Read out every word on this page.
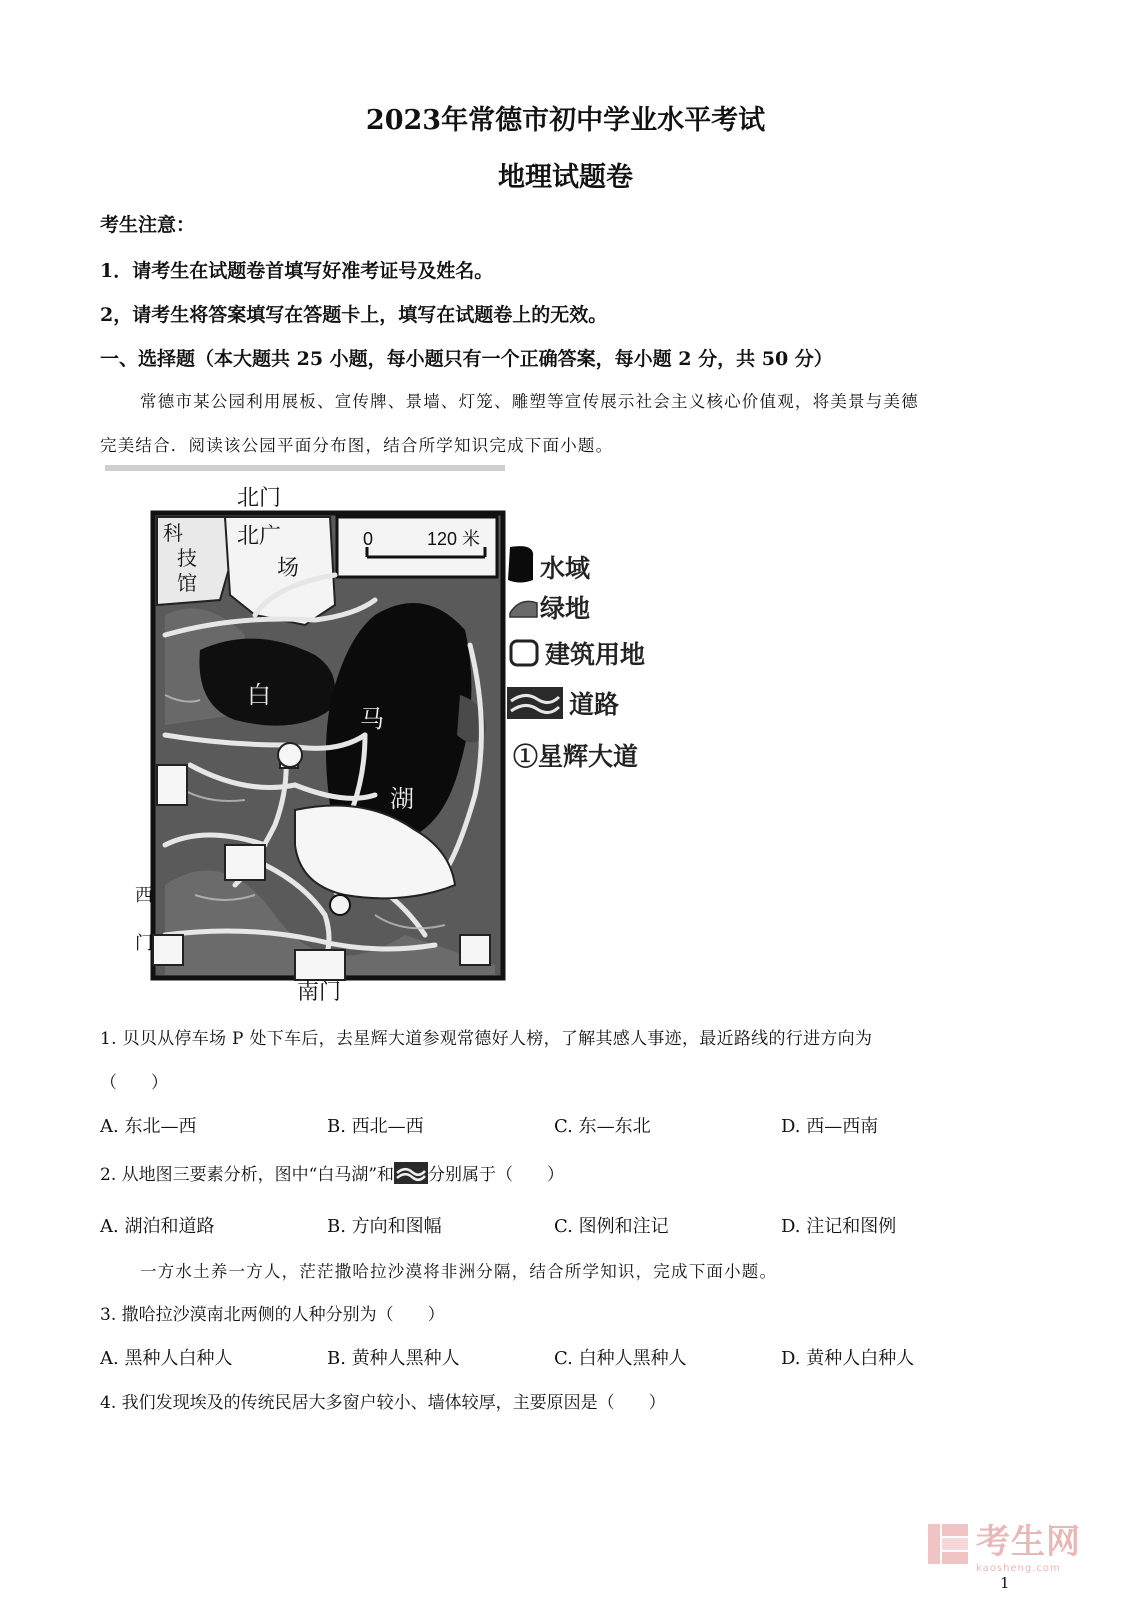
2023年常德市初中学业水平考试
地理试题卷
考生注意：
1．请考生在试题卷首填写好准考证号及姓名。
2，请考生将答案填写在答题卡上，填写在试题卷上的无效。
一、选择题（本大题共 25 小题，每小题只有一个正确答案，每小题 2 分，共 50 分）
常德市某公园利用展板、宣传牌、景墙、灯笼、雕塑等宣传展示社会主义核心价值观，将美景与美德
完美结合．阅读该公园平面分布图，结合所学知识完成下面小题。
北门
北广
场
科
技
馆
0	120 米
白
马
湖
西
门
南门
水域
绿地
建筑用地
道路
①星辉大道
1. 贝贝从停车场 P 处下车后，去星辉大道参观常德好人榜，了解其感人事迹，最近路线的行进方向为
（　　）
A. 东北—西	B. 西北—西	C. 东—东北	D. 西—西南
2. 从地图三要素分析，图中“白马湖”和 分别属于（　　）
A. 湖泊和道路	B. 方向和图幅	C. 图例和注记	D. 注记和图例
一方水土养一方人，茫茫撒哈拉沙漠将非洲分隔，结合所学知识，完成下面小题。
3. 撒哈拉沙漠南北两侧的人种分别为（　　）
A. 黑种人白种人	B. 黄种人黑种人	C. 白种人黑种人	D. 黄种人白种人
4. 我们发现埃及的传统民居大多窗户较小、墙体较厚，主要原因是（　　）
考生网
kaosheng.com
1
